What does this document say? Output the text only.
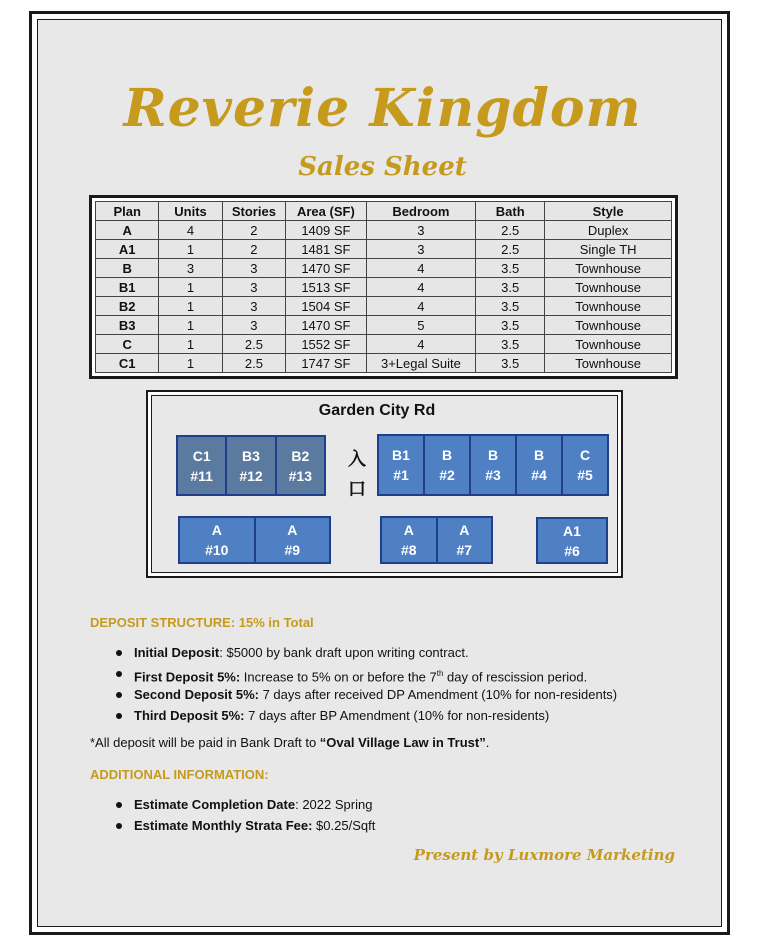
Reverie Kingdom
Sales Sheet
Plan	Units	Stories	Area (SF)	Bedroom	Bath	Style
A	4	2	1409 SF	3	2.5	Duplex
A1	1	2	1481 SF	3	2.5	Single TH
B	3	3	1470 SF	4	3.5	Townhouse
B1	1	3	1513 SF	4	3.5	Townhouse
B2	1	3	1504 SF	4	3.5	Townhouse
B3	1	3	1470 SF	5	3.5	Townhouse
C	1	2.5	1552 SF	4	3.5	Townhouse
C1	1	2.5	1747 SF	3+Legal Suite	3.5	Townhouse
Garden City Rd
入
口
C1
#11
B3
#12
B2
#13
B1
#1
B
#2
B
#3
B
#4
C
#5
A
#10
A
#9
A
#8
A
#7
A1
#6
DEPOSIT STRUCTURE: 15% in Total
Initial Deposit: $5000 by bank draft upon writing contract.
First Deposit 5%: Increase to 5% on or before the 7th day of rescission period.
Second Deposit 5%: 7 days after received DP Amendment (10% for non-residents)
Third Deposit 5%: 7 days after BP Amendment (10% for non-residents)
*All deposit will be paid in Bank Draft to “Oval Village Law in Trust”.
ADDITIONAL INFORMATION:
Estimate Completion Date: 2022 Spring
Estimate Monthly Strata Fee: $0.25/Sqft
Present by Luxmore Marketing
